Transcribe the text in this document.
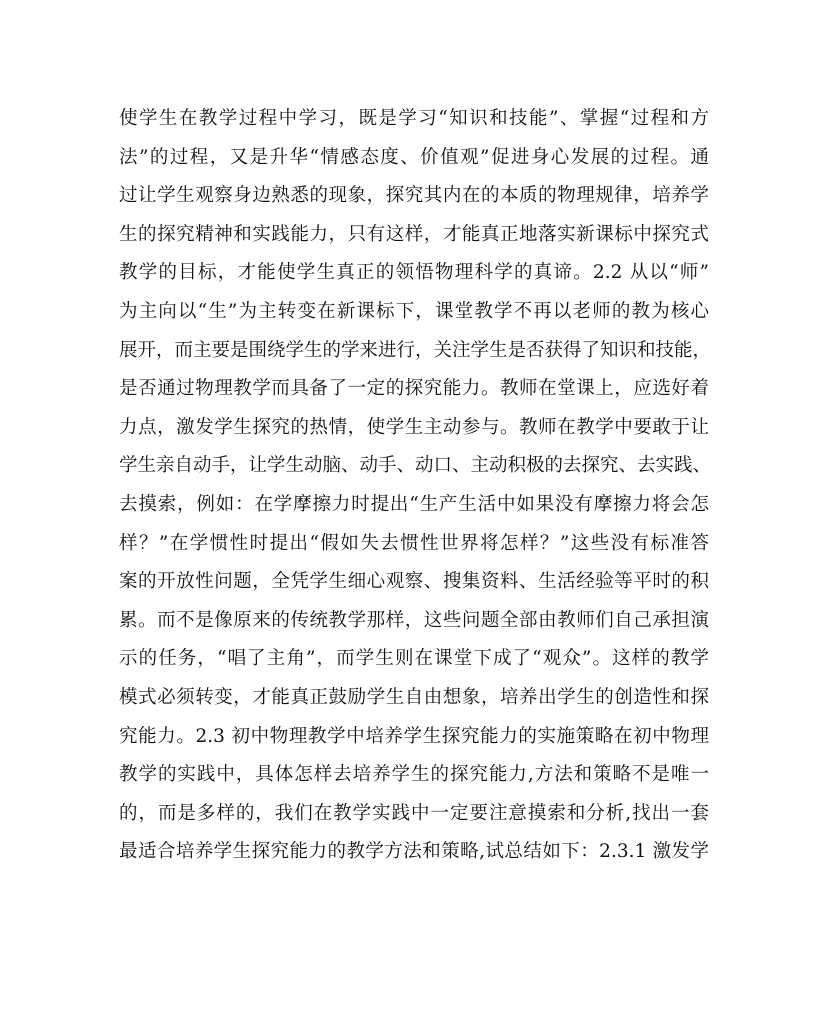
使学生在教学过程中学习，既是学习“知识和技能”、掌握“过程和方
法”的过程，又是升华“情感态度、价值观”促进身心发展的过程。通
过让学生观察身边熟悉的现象，探究其内在的本质的物理规律，培养学
生的探究精神和实践能力，只有这样，才能真正地落实新课标中探究式
教学的目标，才能使学生真正的领悟物理科学的真谛。2.2 从以“师”
为主向以“生”为主转变在新课标下，课堂教学不再以老师的教为核心
展开，而主要是围绕学生的学来进行，关注学生是否获得了知识和技能，
是否通过物理教学而具备了一定的探究能力。教师在堂课上，应选好着
力点，激发学生探究的热情，使学生主动参与。教师在教学中要敢于让
学生亲自动手，让学生动脑、动手、动口、主动积极的去探究、去实践、
去摸索，例如：在学摩擦力时提出“生产生活中如果没有摩擦力将会怎
样？”在学惯性时提出“假如失去惯性世界将怎样？”这些没有标准答
案的开放性问题，全凭学生细心观察、搜集资料、生活经验等平时的积
累。而不是像原来的传统教学那样，这些问题全部由教师们自己承担演
示的任务，“唱了主角”，而学生则在课堂下成了“观众”。这样的教学
模式必须转变，才能真正鼓励学生自由想象，培养出学生的创造性和探
究能力。2.3 初中物理教学中培养学生探究能力的实施策略在初中物理
教学的实践中，具体怎样去培养学生的探究能力,方法和策略不是唯一
的，而是多样的，我们在教学实践中一定要注意摸索和分析,找出一套
最适合培养学生探究能力的教学方法和策略,试总结如下：2.3.1 激发学
